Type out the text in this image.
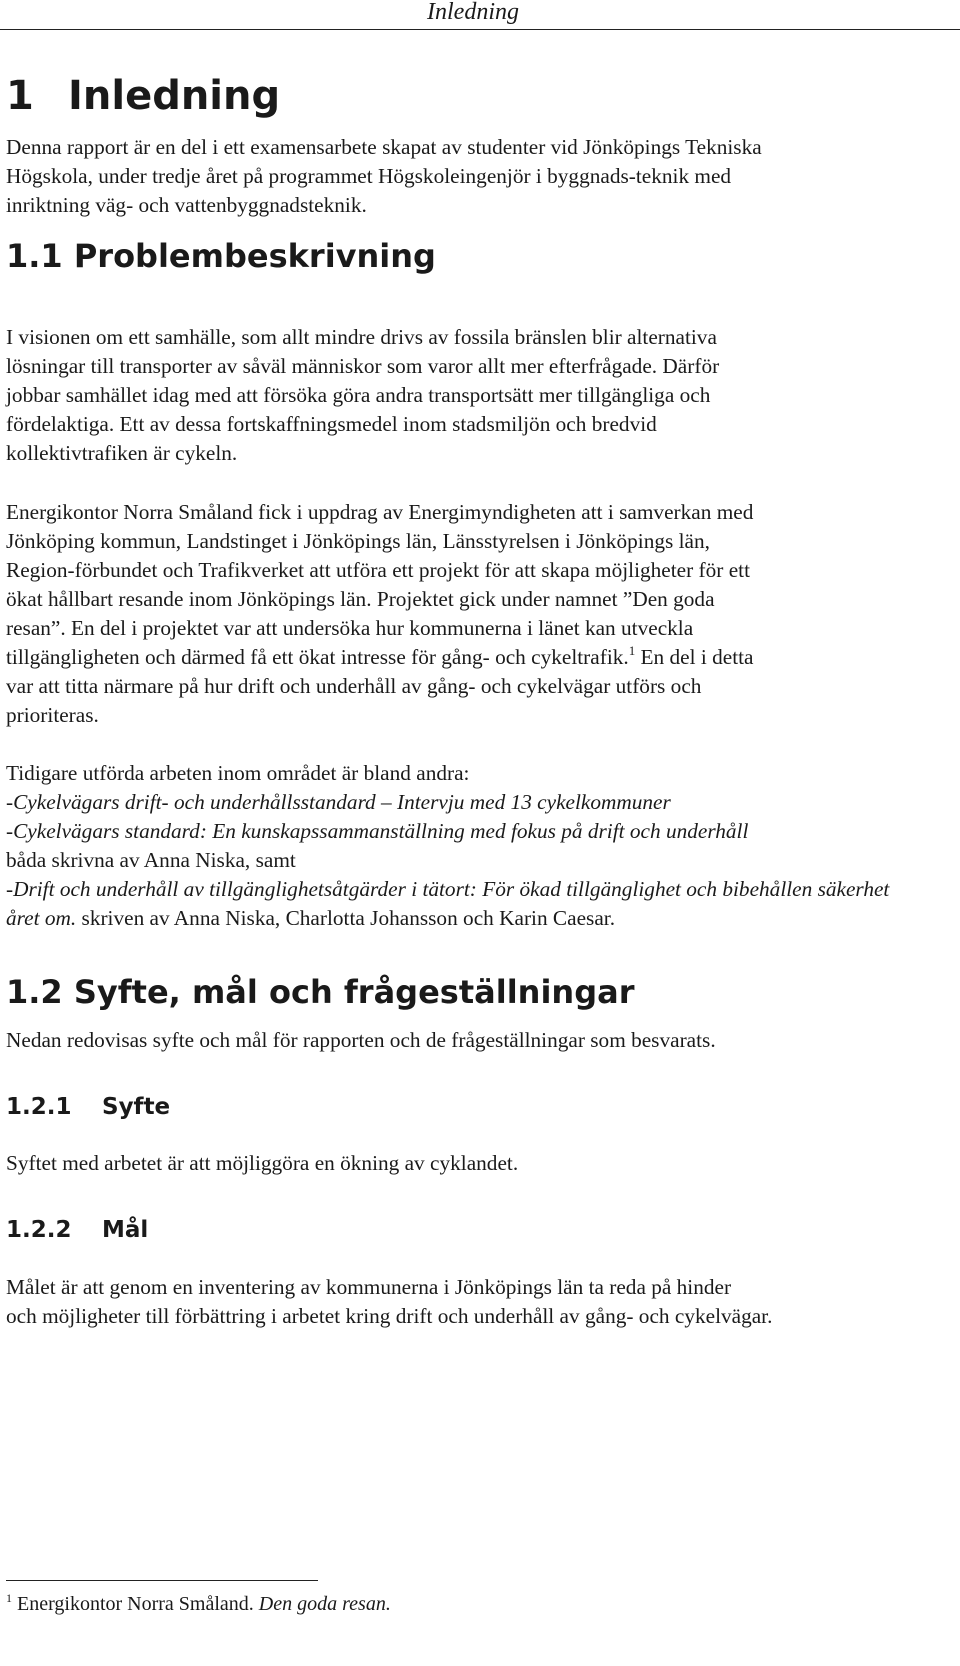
Inledning
1 Inledning

Denna rapport är en del i ett examensarbete skapat av studenter vid Jönköpings Tekniska
Högskola, under tredje året på programmet Högskoleingenjör i byggnads-teknik med
inriktning väg- och vattenbyggnadsteknik.

1.1 Problembeskrivning

I visionen om ett samhälle, som allt mindre drivs av fossila bränslen blir alternativa
lösningar till transporter av såväl människor som varor allt mer efterfrågade. Därför
jobbar samhället idag med att försöka göra andra transportsätt mer tillgängliga och
fördelaktiga. Ett av dessa fortskaffningsmedel inom stadsmiljön och bredvid
kollektivtrafiken är cykeln.

Energikontor Norra Småland fick i uppdrag av Energimyndigheten att i samverkan med
Jönköping kommun, Landstinget i Jönköpings län, Länsstyrelsen i Jönköpings län,
Region-förbundet och Trafikverket att utföra ett projekt för att skapa möjligheter för ett
ökat hållbart resande inom Jönköpings län. Projektet gick under namnet ”Den goda
resan”. En del i projektet var att undersöka hur kommunerna i länet kan utveckla
tillgängligheten och därmed få ett ökat intresse för gång- och cykeltrafik.$^1$ En del i detta
var att titta närmare på hur drift och underhåll av gång- och cykelvägar utförs och
prioriteras.

Tidigare utförda arbeten inom området är bland andra:
-Cykelvägars drift- och underhållsstandard – Intervju med 13 cykelkommuner
-Cykelvägars standard: En kunskapssammanställning med fokus på drift och underhåll
båda skrivna av Anna Niska, samt
-Drift och underhåll av tillgänglighetsåtgärder i tätort: För ökad tillgänglighet och bibehållen säkerhet
året om. skriven av Anna Niska, Charlotta Johansson och Karin Caesar.

1.2 Syfte, mål och frågeställningar

Nedan redovisas syfte och mål för rapporten och de frågeställningar som besvarats.

1.2.1 Syfte

Syftet med arbetet är att möjliggöra en ökning av cyklandet.

1.2.2 Mål

Målet är att genom en inventering av kommunerna i Jönköpings län ta reda på hinder
och möjligheter till förbättring i arbetet kring drift och underhåll av gång- och cykelvägar.

$^1$ Energikontor Norra Småland. Den goda resan.
